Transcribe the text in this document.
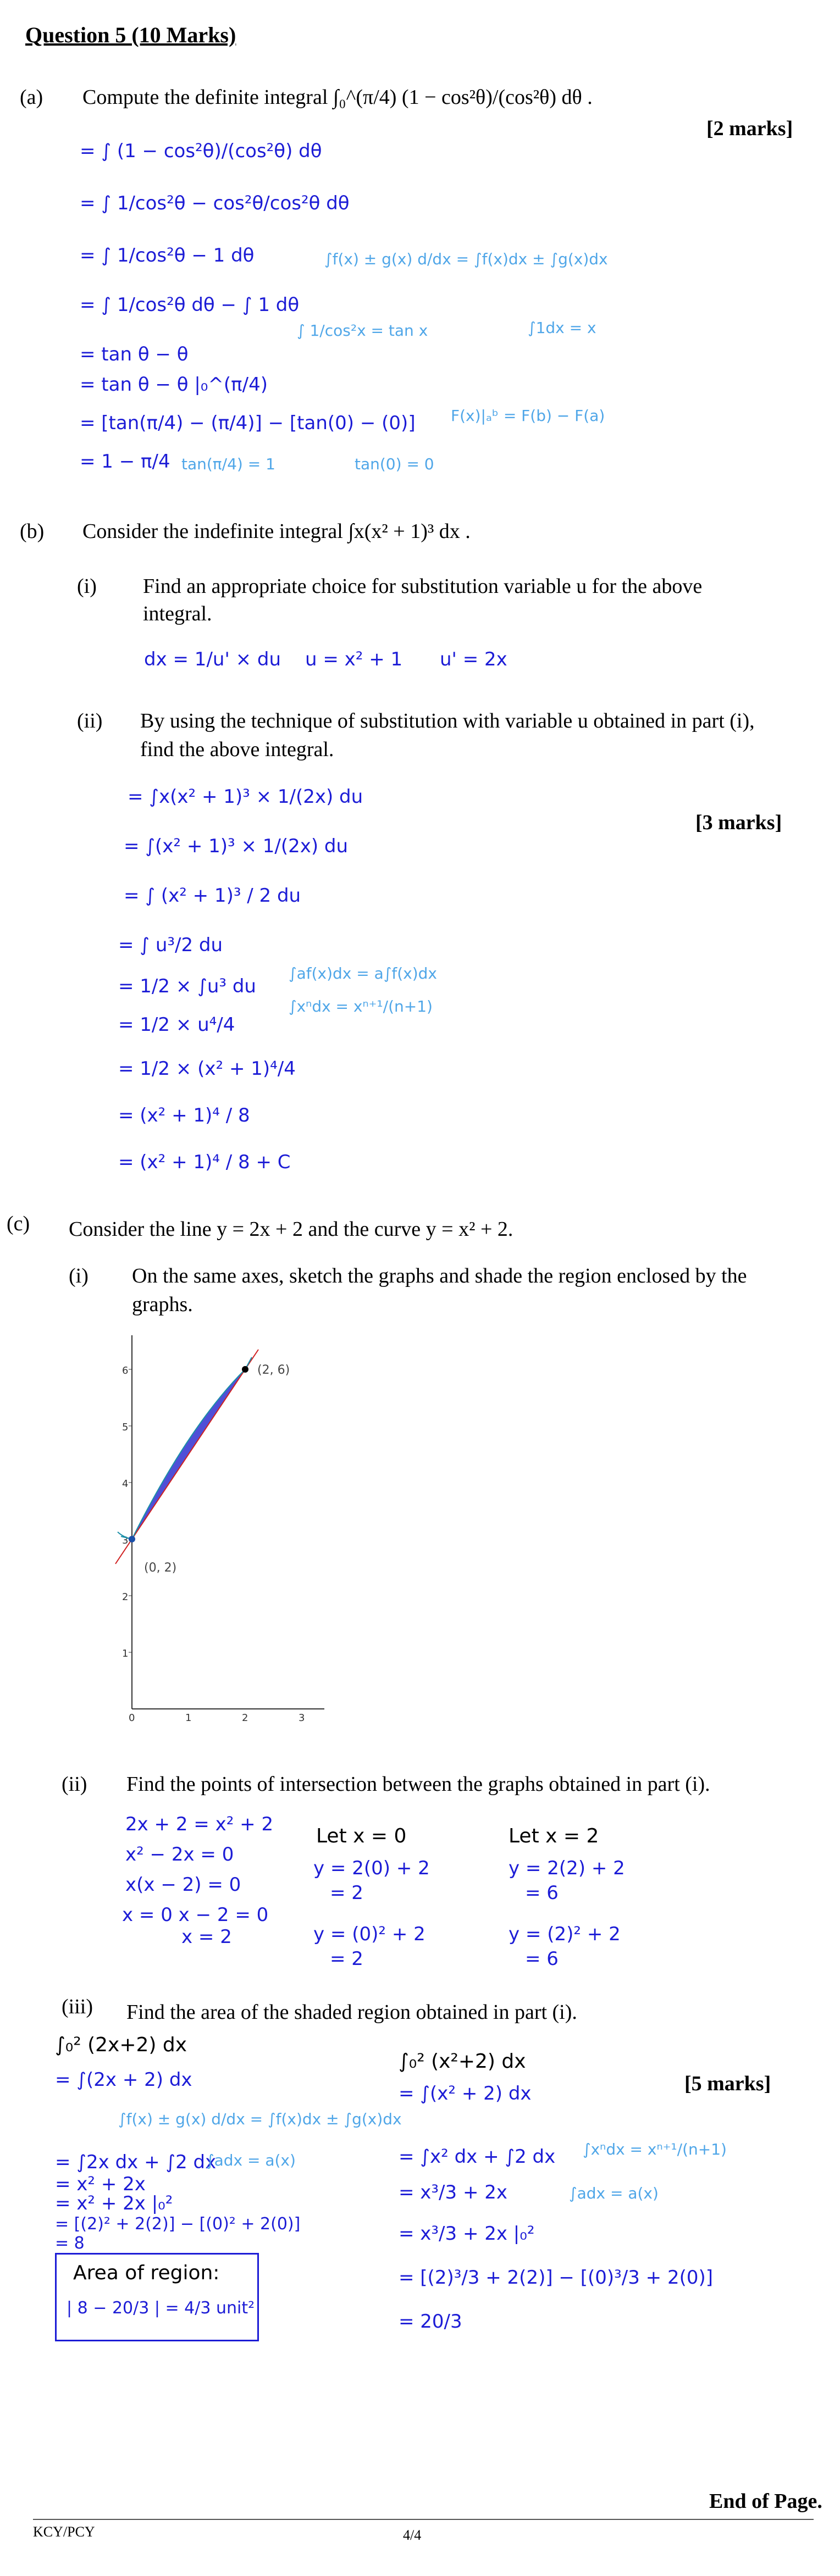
Question 5 (10 Marks)
(a) Compute the definite integral ∫₀^(π/4) (1 − cos²θ)/(cos²θ) dθ .
[2 marks]
= ∫ (1 − cos²θ)/(cos²θ) dθ
= ∫ 1/cos²θ − cos²θ/cos²θ dθ
= ∫ 1/cos²θ − 1 dθ
= ∫ 1/cos²θ dθ − ∫ 1 dθ
= tan θ − θ
= tan θ − θ |₀^(π/4)
= [tan(π/4) − (π/4)] − [tan(0) − (0)]
= 1 − π/4
∫f(x) ± g(x) d/dx = ∫f(x)dx ± ∫g(x)dx
∫ 1/cos²x = tan x	∫1dx = x
F(x)|ₐᵇ = F(b) − F(a)
tan(π/4) = 1	tan(0) = 0
(b) Consider the indefinite integral ∫x(x² + 1)³ dx .
(i) Find an appropriate choice for substitution variable u for the above
integral.
dx = 1/u' × du u = x² + 1 u' = 2x
(ii) By using the technique of substitution with variable u obtained in part (i),
find the above integral.
[3 marks]
= ∫x(x² + 1)³ × 1/(2x) du
= ∫(x² + 1)³ × 1/(2x) du
= ∫ (x² + 1)³ / 2 du
= ∫ u³/2 du
= 1/2 × ∫u³ du
= 1/2 × u⁴/4
= 1/2 × (x² + 1)⁴/4
= (x² + 1)⁴ / 8
= (x² + 1)⁴ / 8 + C
∫af(x)dx = a∫f(x)dx
∫xⁿdx = xⁿ⁺¹/(n+1)
(c) Consider the line y = 2x + 2 and the curve y = x² + 2.
(i) On the same axes, sketch the graphs and shade the region enclosed by the
graphs.
1
2
3
4
5
6
0	1	2	3
(2, 6)
(0, 2)
(ii) Find the points of intersection between the graphs obtained in part (i).
2x + 2 = x² + 2
x² − 2x = 0
x(x − 2) = 0
x = 0 x − 2 = 0
x = 2
Let x = 0
y = 2(0) + 2
= 2
y = (0)² + 2
= 2
Let x = 2
y = 2(2) + 2
= 6
y = (2)² + 2
= 6
(iii) Find the area of the shaded region obtained in part (i).
[5 marks]
∫₀² (2x+2) dx
= ∫(2x + 2) dx
∫f(x) ± g(x) d/dx = ∫f(x)dx ± ∫g(x)dx
= ∫2x dx + ∫2 dx
= x² + 2x
∫adx = a(x)
= x² + 2x |₀²
∫₀² (x²+2) dx
= ∫(x² + 2) dx
= ∫x² dx + ∫2 dx ∫xⁿdx = xⁿ⁺¹/(n+1)
= x³/3 + 2x	∫adx = a(x)
= x³/3 + 2x |₀²
= [(2)³/3 + 2(2)] − [(0)³/3 + 2(0)]
= 20/3
Area of region:
| 8 − 20/3 | = 4/3 unit²
End of Page.
KCY/PCY	4/4
= [(2)² + 2(2)] − [(0)² + 2(0)]
= 8
